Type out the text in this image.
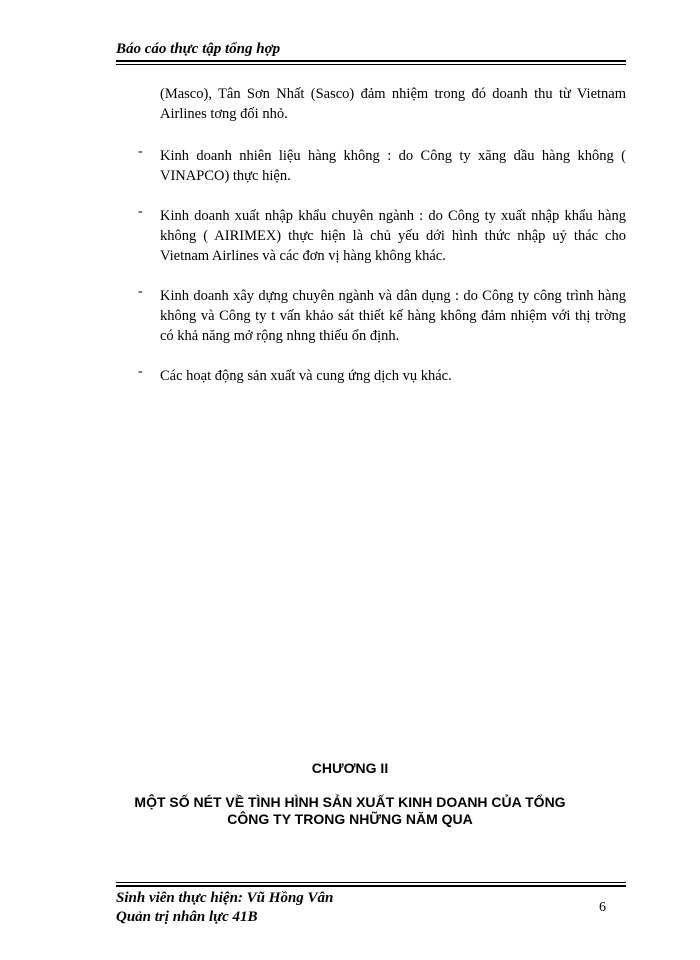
Báo cáo thực tập tổng hợp

(Masco), Tân Sơn Nhất (Sasco) đảm nhiệm trong đó doanh thu từ Vietnam Airlines tơng đối nhỏ.

- Kinh doanh nhiên liệu hàng không : do Công ty xăng dầu hàng không ( VINAPCO) thực hiện.
- Kinh doanh xuất nhập khẩu chuyên ngành : do Công ty xuất nhập khẩu hàng không ( AIRIMEX) thực hiện là chủ yếu dới hình thức nhập uỷ thác cho Vietnam Airlines và các đơn vị hàng không khác.
- Kinh doanh xây dựng chuyên ngành và dân dụng : do Công ty công trình hàng không và Công ty t vấn khảo sát thiết kế hàng không đảm nhiệm với thị trờng có khả năng mở rộng nhng thiếu ổn định.
- Các hoạt động sản xuất và cung ứng dịch vụ khác.
CHƯƠNG II
MỘT SỐ NÉT VỀ TÌNH HÌNH SẢN XUẤT KINH DOANH CỦA TỔNG
CÔNG TY TRONG NHỮNG NĂM QUA
Sinh viên thực hiện: Vũ Hồng Vân
Quản trị nhân lực 41B
6
